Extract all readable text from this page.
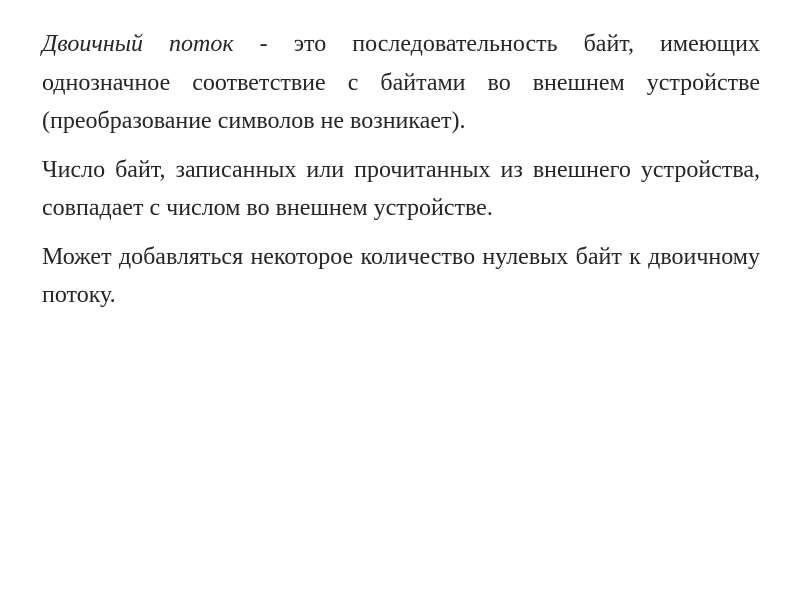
Двоичный поток - это последовательность байт, имеющих однозначное соответствие с байтами во внешнем устройстве (преобразование символов не возникает).

Число байт, записанных или прочитанных из внешнего устройства, совпадает с числом во внешнем устройстве.

Может добавляться некоторое количество нулевых байт к двоичному потоку.
